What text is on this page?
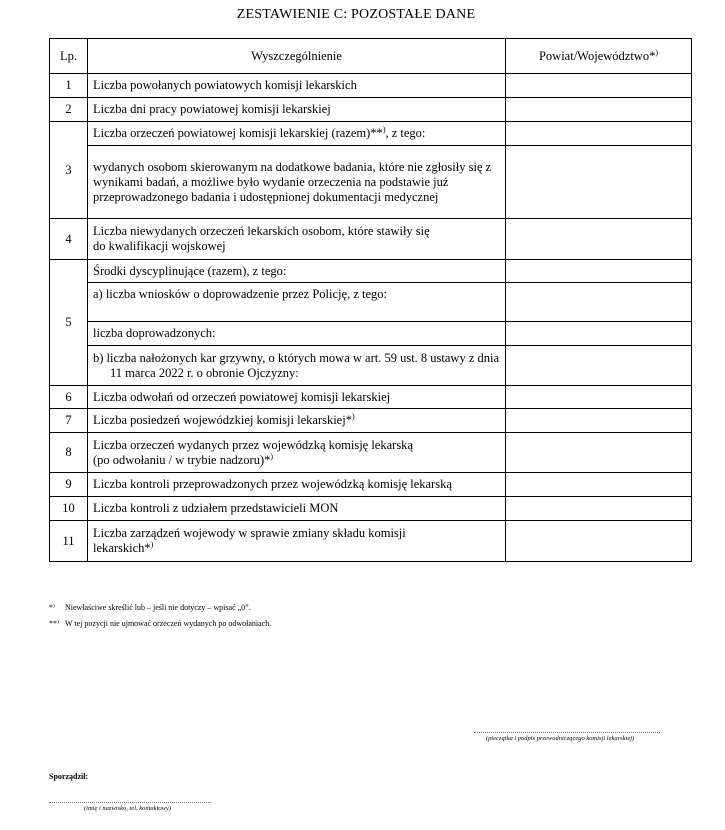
ZESTAWIENIE C: POZOSTAŁE DANE
Lp.	Wyszczególnienie	Powiat/Województwo*)
1	Liczba powołanych powiatowych komisji lekarskich	
2	Liczba dni pracy powiatowej komisji lekarskiej	
3	Liczba orzeczeń powiatowej komisji lekarskiej (razem)**), z tego:	
	wydanych osobom skierowanym na dodatkowe badania, które nie zgłosiły się z wynikami badań, a możliwe było wydanie orzeczenia na podstawie już przeprowadzonego badania i udostępnionej dokumentacji medycznej	
4	Liczba niewydanych orzeczeń lekarskich osobom, które stawiły się
do kwalifikacji wojskowej	

5	Środki dyscyplinujące (razem), z tego:	
	a) liczba wniosków o doprowadzenie przez Policję, z tego:	
	liczba doprowadzonych:	

	b) liczba nałożonych kar grzywny, o których mowa w art. 59 ust. 8 ustawy z dnia 11 marca 2022 r. o obronie Ojczyzny:	

6	Liczba odwołań od orzeczeń powiatowej komisji lekarskiej	
7	Liczba posiedzeń wojewódzkiej komisji lekarskiej*)	
8	Liczba orzeczeń wydanych przez wojewódzką komisję lekarską
(po odwołaniu / w trybie nadzoru)*)	
9	Liczba kontroli przeprowadzonych przez wojewódzką komisję lekarską	
10	Liczba kontroli z udziałem przedstawicieli MON	
11	Liczba zarządzeń wojewody w sprawie zmiany składu komisji
lekarskich*)	
*⁾ Niewłaściwe skreślić lub – jeśli nie dotyczy – wpisać „0”.
**⁾ W tej pozycji nie ujmować orzeczeń wydanych po odwołaniach.
(pieczątka i podpis przewodniczącego komisji lekarskiej)
Sporządził:
(imię i nazwisko, tel. kontaktowy)
